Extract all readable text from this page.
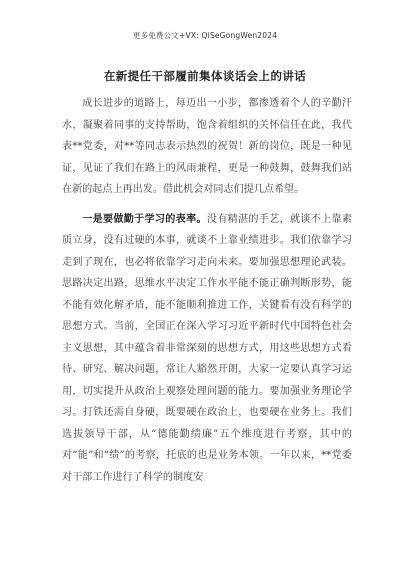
更多免费公文+VX: QiSeGongWen2024
在新提任干部履前集体谈话会上的讲话

成长进步的道路上，每迈出一小步，都渗透着个人的辛勤汗水，凝聚着同事的支持帮助，饱含着组织的关怀信任在此，我代表**党委，对**等同志表示热烈的祝贺！新的岗位，既是一种见证，见证了我们在路上的风雨兼程，更是一种鼓舞，鼓舞我们站在新的起点上再出发。借此机会对同志们提几点希望。

一是要做勤于学习的表率。没有精湛的手艺，就谈不上靠素质立身，没有过硬的本事，就谈不上靠业绩进步。我们依靠学习走到了现在，也必将依靠学习走向未来。要加强思想理论武装。思路决定出路，思维水平决定工作水平能不能正确判断形势，能不能有效化解矛盾，能不能顺利推进工作，关键看有没有科学的思想方式。当前，全国正在深入学习习近平新时代中国特色社会主义思想，其中蕴含着非常深刻的思想方式，用这些思想方式看待、研究、解决问题，常让人豁然开朗，大家一定要认真学习运用，切实提升从政治上观察处理问题的能力。要加强业务理论学习。打铁还需自身硬，既要硬在政治上，也要硬在业务上。我们选拔领导干部，从“德能勤绩廉”五个维度进行考察，其中的对“能”和“绩”的考察，托底的也是业务本领。一年以来，**党委对干部工作进行了科学的制度安
